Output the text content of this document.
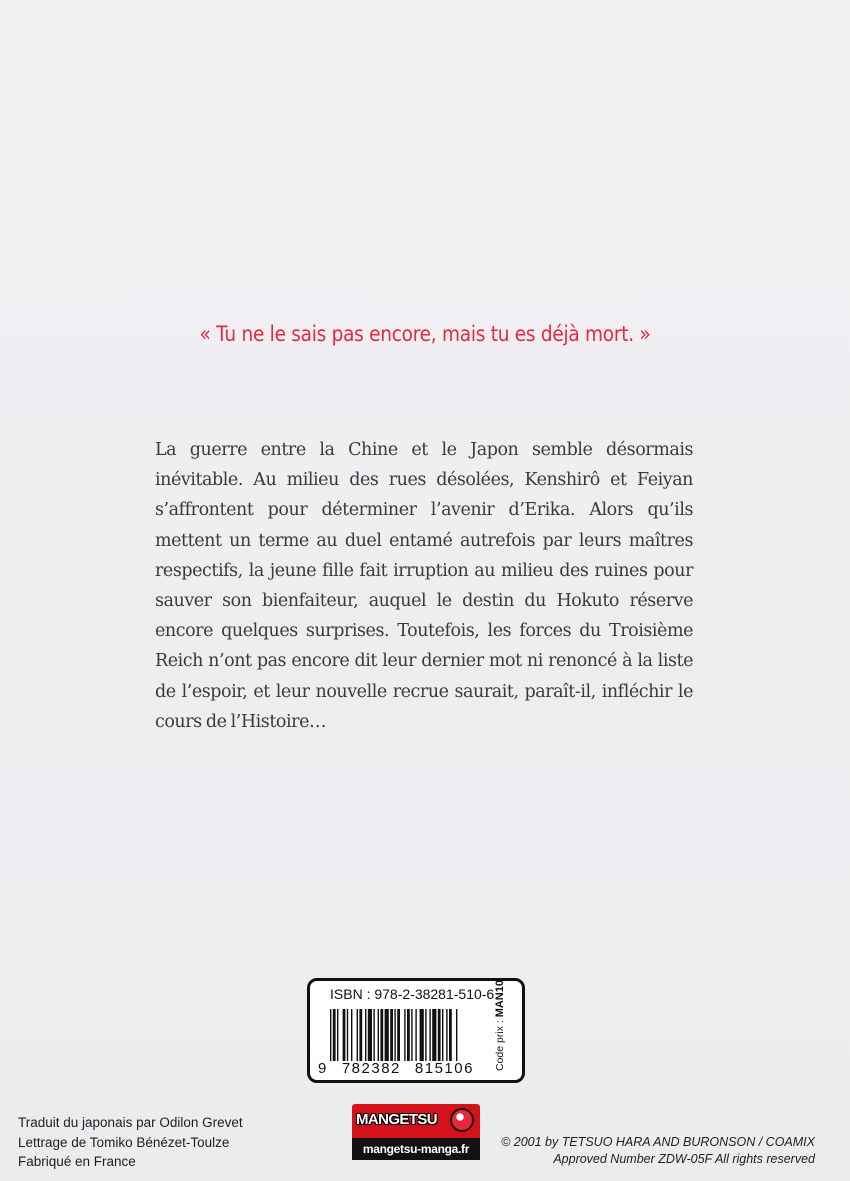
« Tu ne le sais pas encore, mais tu es déjà mort. »
La guerre entre la Chine et le Japon semble désormais
inévitable. Au milieu des rues désolées, Kenshirô et Feiyan
s’affrontent pour déterminer l’avenir d’Erika. Alors qu’ils
mettent un terme au duel entamé autrefois par leurs maîtres
respectifs, la jeune fille fait irruption au milieu des ruines pour
sauver son bienfaiteur, auquel le destin du Hokuto réserve
encore quelques surprises. Toutefois, les forces du Troisième
Reich n’ont pas encore dit leur dernier mot ni renoncé à la liste
de l’espoir, et leur nouvelle recrue saurait, paraît-il, infléchir le
cours de l’Histoire…
ISBN : 978-2-38281-510-6
9 782382 815106	Code prix : MAN10
Traduit du japonais par Odilon Grevet
Lettrage de Tomiko Bénézet-Toulze
Fabriqué en France
MANGETSU
mangetsu-manga.fr	© 2001 by TETSUO HARA AND BURONSON / COAMIX
Approved Number ZDW-05F All rights reserved
